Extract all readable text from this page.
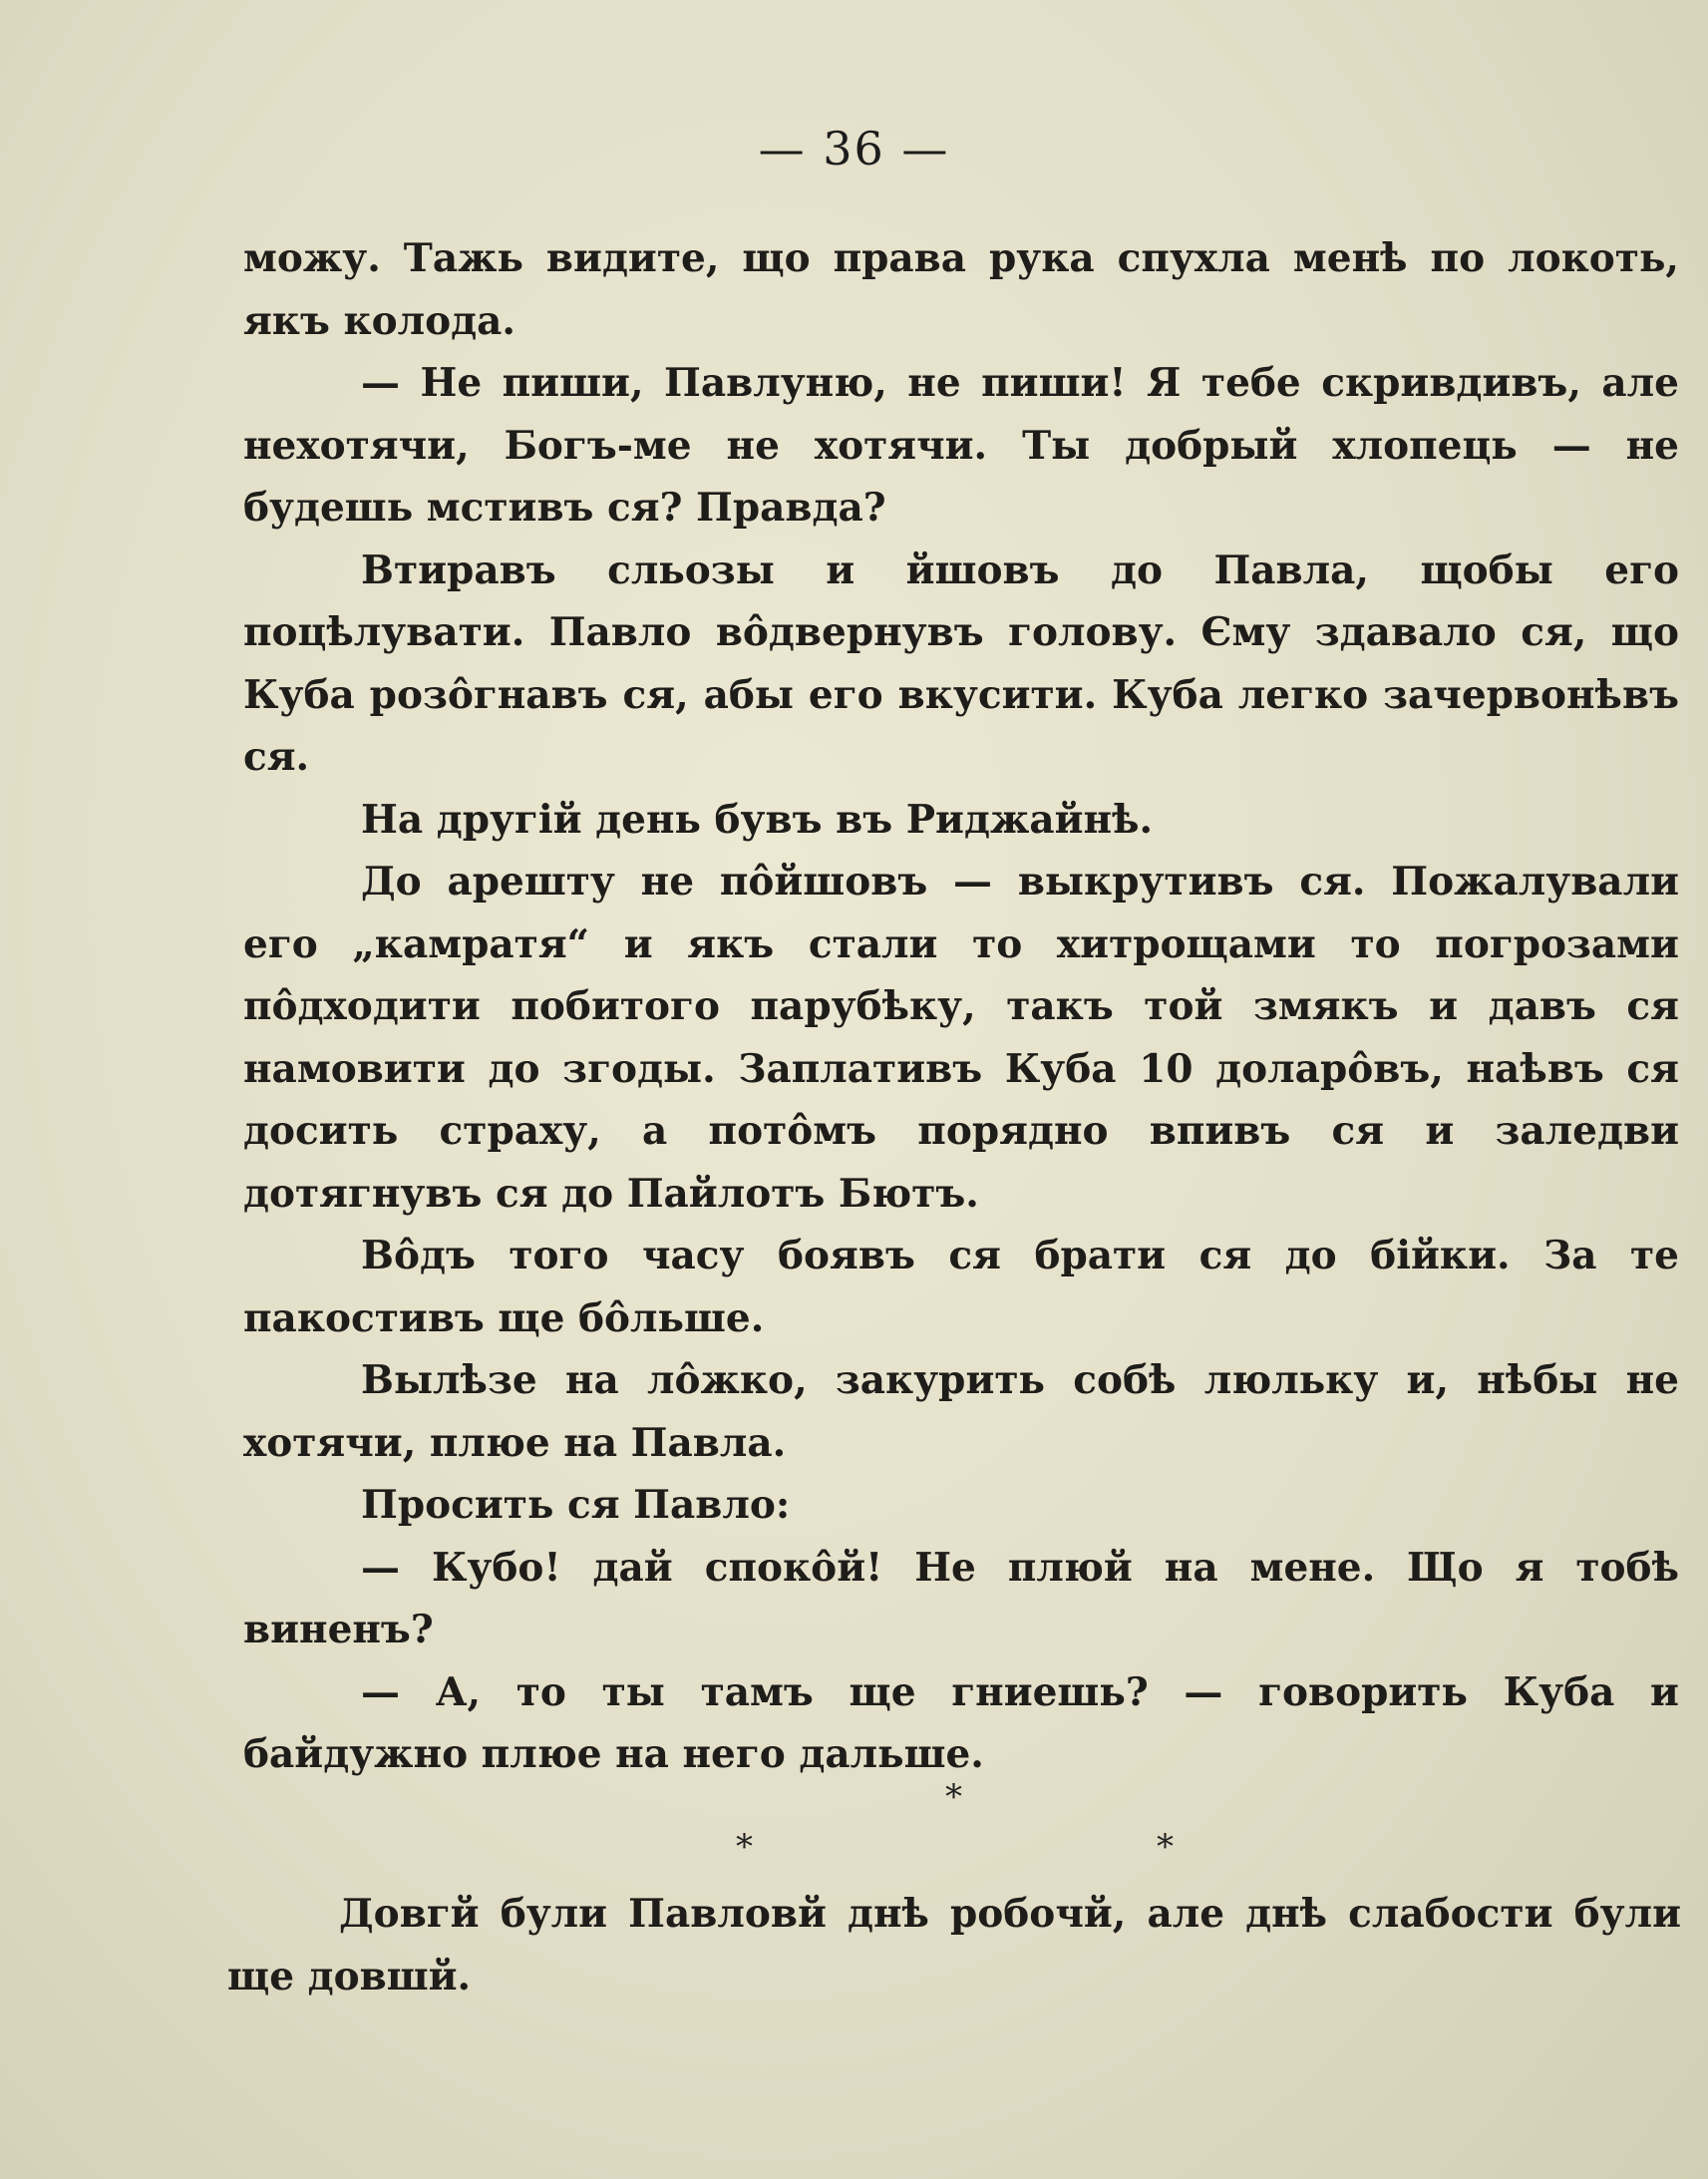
— 36 —

можу. Тажь видите, що права рука спухла менѣ по локоть, якъ колода.

— Не пиши, Павлуню, не пиши! Я тебе скривдивъ, але нехотячи, Богъ-ме не хотячи. Ты добрый хлопець — не будешь мстивъ ся? Правда?

Втиравъ сльозы и йшовъ до Павла, щобы его поцѣлувати. Павло вôдвернувъ голову. Єму здавало ся, що Куба розôгнавъ ся, абы его вкусити. Куба легко зачервонѣвъ ся.

На другій день бувъ въ Риджайнѣ.

До арешту не пôйшовъ — выкрутивъ ся. Пожалували его „камратя“ и якъ стали то хитрощами то погрозами пôдходити побитого парубѣку, такъ той змякъ и давъ ся намовити до згоды. Заплативъ Куба 10 доларôвъ, наѣвъ ся досить страху, а потôмъ порядно впивъ ся и заледви дотягнувъ ся до Пайлотъ Бютъ.

Вôдъ того часу боявъ ся брати ся до бійки. За те пакостивъ ще бôльше.

Вылѣзе на лôжко, закурить собѣ люльку и, нѣбы не хотячи, плюе на Павла.

Просить ся Павло:

— Кубо! дай спокôй! Не плюй на мене. Що я тобѣ виненъ?

— А, то ты тамъ ще гниешь? — говорить Куба и байдужно плюе на него дальше.

*
*	*

Довгй були Павловй днѣ робочй, але днѣ слабости були ще довшй.
